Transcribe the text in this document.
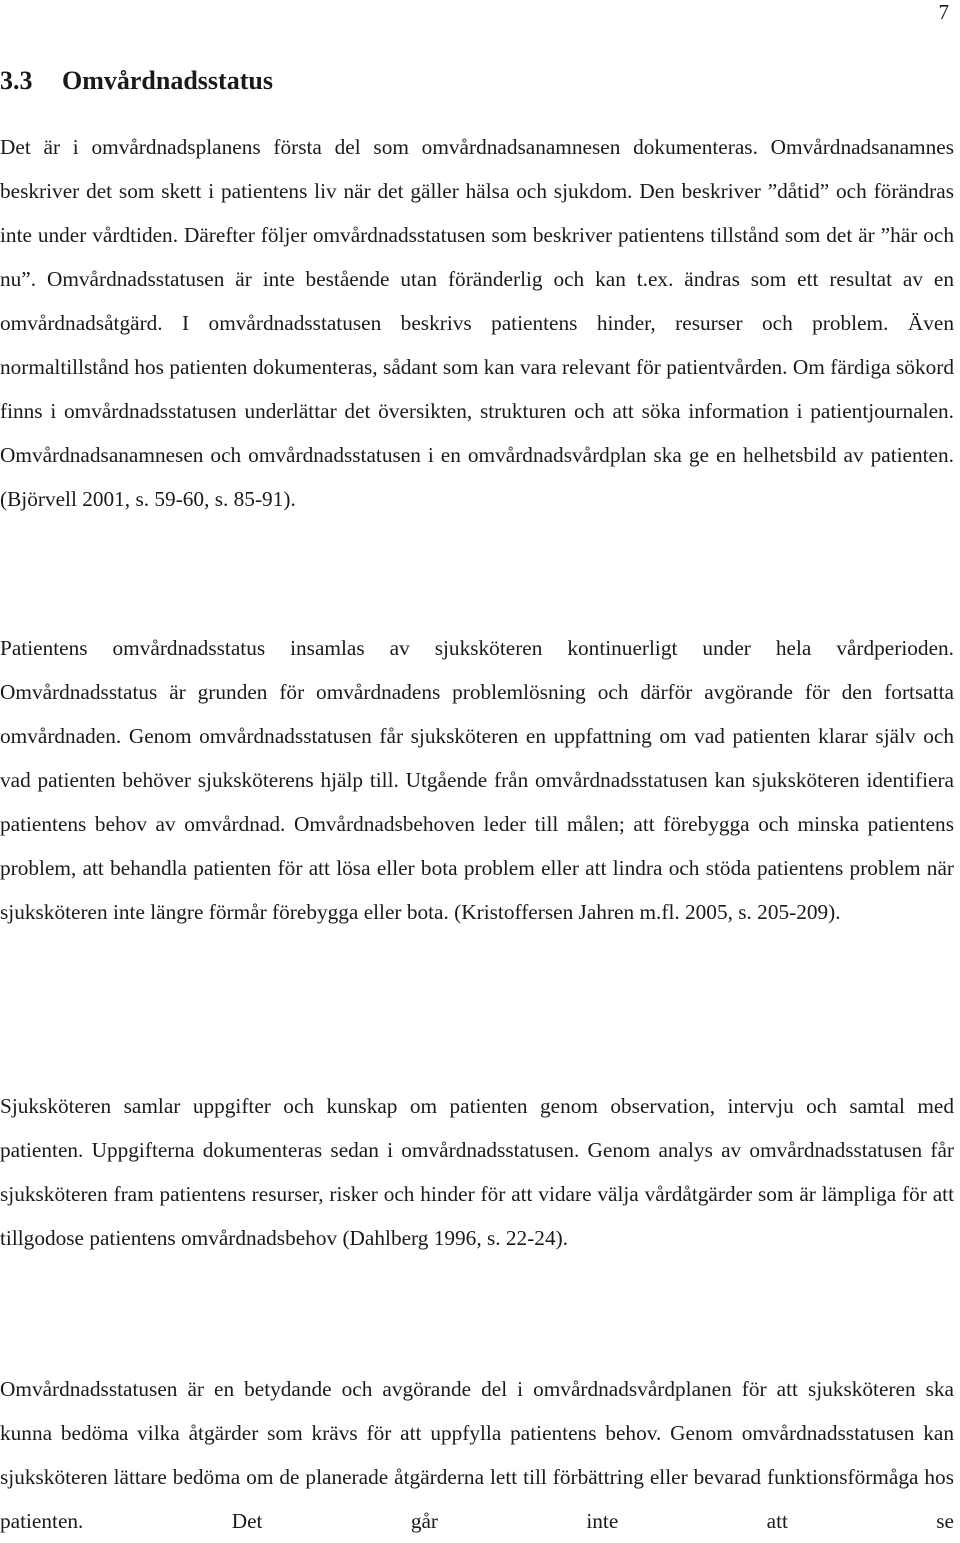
7
3.3 Omvårdnadsstatus

Det är i omvårdnadsplanens första del som omvårdnadsanamnesen dokumenteras. Omvårdnadsanamnes beskriver det som skett i patientens liv när det gäller hälsa och sjukdom. Den beskriver ”dåtid” och förändras inte under vårdtiden. Därefter följer omvårdnadsstatusen som beskriver patientens tillstånd som det är ”här och nu”. Omvårdnadsstatusen är inte bestående utan föränderlig och kan t.ex. ändras som ett resultat av en omvårdnadsåtgärd. I omvårdnadsstatusen beskrivs patientens hinder, resurser och problem. Även normaltillstånd hos patienten dokumenteras, sådant som kan vara relevant för patientvården. Om färdiga sökord finns i omvårdnadsstatusen underlättar det översikten, strukturen och att söka information i patientjournalen. Omvårdnadsanamnesen och omvårdnadsstatusen i en omvårdnadsvårdplan ska ge en helhetsbild av patienten. (Björvell 2001, s. 59-60, s. 85-91).

Patientens omvårdnadsstatus insamlas av sjuksköteren kontinuerligt under hela vårdperioden. Omvårdnadsstatus är grunden för omvårdnadens problemlösning och därför avgörande för den fortsatta omvårdnaden. Genom omvårdnadsstatusen får sjuksköteren en uppfattning om vad patienten klarar själv och vad patienten behöver sjuksköterens hjälp till. Utgående från omvårdnadsstatusen kan sjuksköteren identifiera patientens behov av omvårdnad. Omvårdnadsbehoven leder till målen; att förebygga och minska patientens problem, att behandla patienten för att lösa eller bota problem eller att lindra och stöda patientens problem när sjuksköteren inte längre förmår förebygga eller bota. (Kristoffersen Jahren m.fl. 2005, s. 205-209).

Sjuksköteren samlar uppgifter och kunskap om patienten genom observation, intervju och samtal med patienten. Uppgifterna dokumenteras sedan i omvårdnadsstatusen. Genom analys av omvårdnadsstatusen får sjuksköteren fram patientens resurser, risker och hinder för att vidare välja vårdåtgärder som är lämpliga för att tillgodose patientens omvårdnadsbehov (Dahlberg 1996, s. 22-24).

Omvårdnadsstatusen är en betydande och avgörande del i omvårdnadsvårdplanen för att sjuksköteren ska kunna bedöma vilka åtgärder som krävs för att uppfylla patientens behov. Genom omvårdnadsstatusen kan sjuksköteren lättare bedöma om de planerade åtgärderna lett till förbättring eller bevarad funktionsförmåga hos patienten. Det går inte att se
